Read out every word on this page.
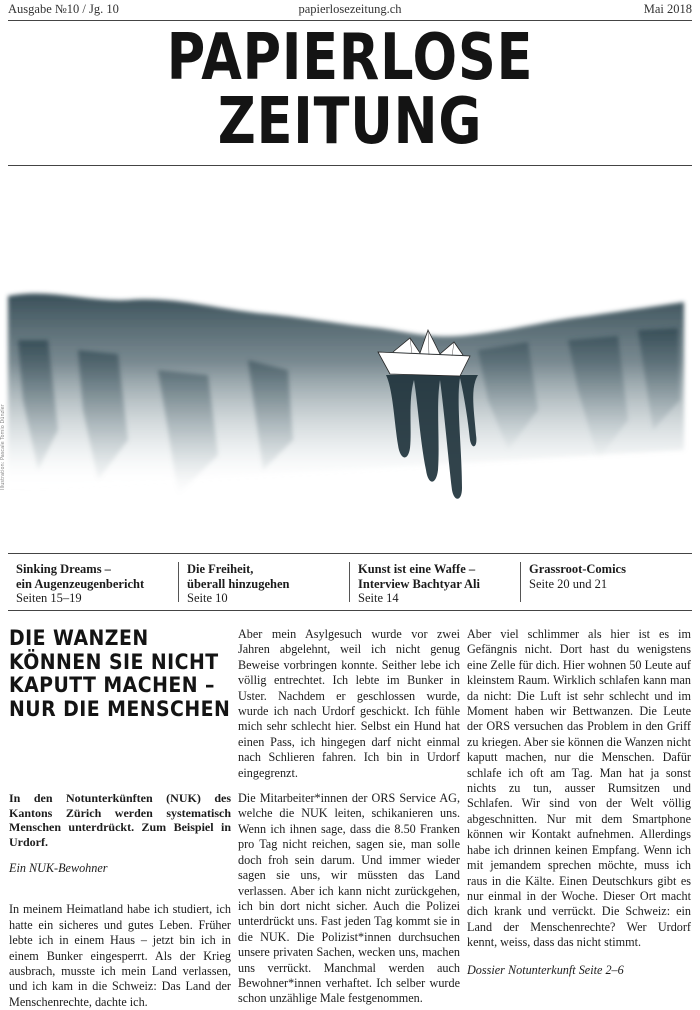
Ausgabe №10 / Jg. 10	papierlosezeitung.ch	Mai 2018
PAPIERLOSE
ZEITUNG
Illustration: Pascale Tomio Dünzler
Sinking Dreams –
ein Augenzeugenbericht
Seiten 15–19
Die Freiheit,
überall hinzugehen
Seite 10
Kunst ist eine Waffe –
Interview Bachtyar Ali
Seite 14
Grassroot-Comics
Seite 20 und 21
DIE WANZEN KÖNNEN SIE NICHT KAPUTT MACHEN – NUR DIE MENSCHEN
In den Notunterkünften (NUK) des Kantons Zürich werden systematisch Menschen unterdrückt. Zum Beispiel in Urdorf.
Ein NUK-Bewohner
In meinem Heimatland habe ich studiert, ich hatte ein sicheres und gutes Leben. Früher lebte ich in einem Haus – jetzt bin ich in einem Bunker eingesperrt. Als der Krieg ausbrach, musste ich mein Land verlassen, und ich kam in die Schweiz: Das Land der Menschenrechte, dachte ich.
Aber mein Asylgesuch wurde vor zwei Jahren abgelehnt, weil ich nicht genug Beweise vorbringen konnte. Seither lebe ich völlig entrechtet. Ich lebte im Bunker in Uster. Nachdem er geschlossen wurde, wurde ich nach Urdorf geschickt. Ich fühle mich sehr schlecht hier. Selbst ein Hund hat einen Pass, ich hingegen darf nicht einmal nach Schlieren fahren. Ich bin in Urdorf eingegrenzt.
Die Mitarbeiter*innen der ORS Service AG, welche die NUK leiten, schikanieren uns. Wenn ich ihnen sage, dass die 8.50 Franken pro Tag nicht reichen, sagen sie, man solle doch froh sein darum. Und immer wieder sagen sie uns, wir müssten das Land verlassen. Aber ich kann nicht zurückgehen, ich bin dort nicht sicher. Auch die Polizei unterdrückt uns. Fast jeden Tag kommt sie in die NUK. Die Polizist*innen durchsuchen unsere privaten Sachen, wecken uns, machen uns verrückt. Manchmal werden auch Bewohner*innen verhaftet. Ich selber wurde schon unzählige Male festgenommen.
Aber viel schlimmer als hier ist es im Gefängnis nicht. Dort hast du wenigstens eine Zelle für dich. Hier wohnen 50 Leute auf kleinstem Raum. Wirklich schlafen kann man da nicht: Die Luft ist sehr schlecht und im Moment haben wir Bettwanzen. Die Leute der ORS versuchen das Problem in den Griff zu kriegen. Aber sie können die Wanzen nicht kaputt machen, nur die Menschen. Dafür schlafe ich oft am Tag. Man hat ja sonst nichts zu tun, ausser Rumsitzen und Schlafen. Wir sind von der Welt völlig abgeschnitten. Nur mit dem Smartphone können wir Kontakt aufnehmen. Allerdings habe ich drinnen keinen Empfang. Wenn ich mit jemandem sprechen möchte, muss ich raus in die Kälte. Einen Deutschkurs gibt es nur einmal in der Woche. Dieser Ort macht dich krank und verrückt. Die Schweiz: ein Land der Menschenrechte? Wer Urdorf kennt, weiss, dass das nicht stimmt.
Dossier Notunterkunft Seite 2–6
